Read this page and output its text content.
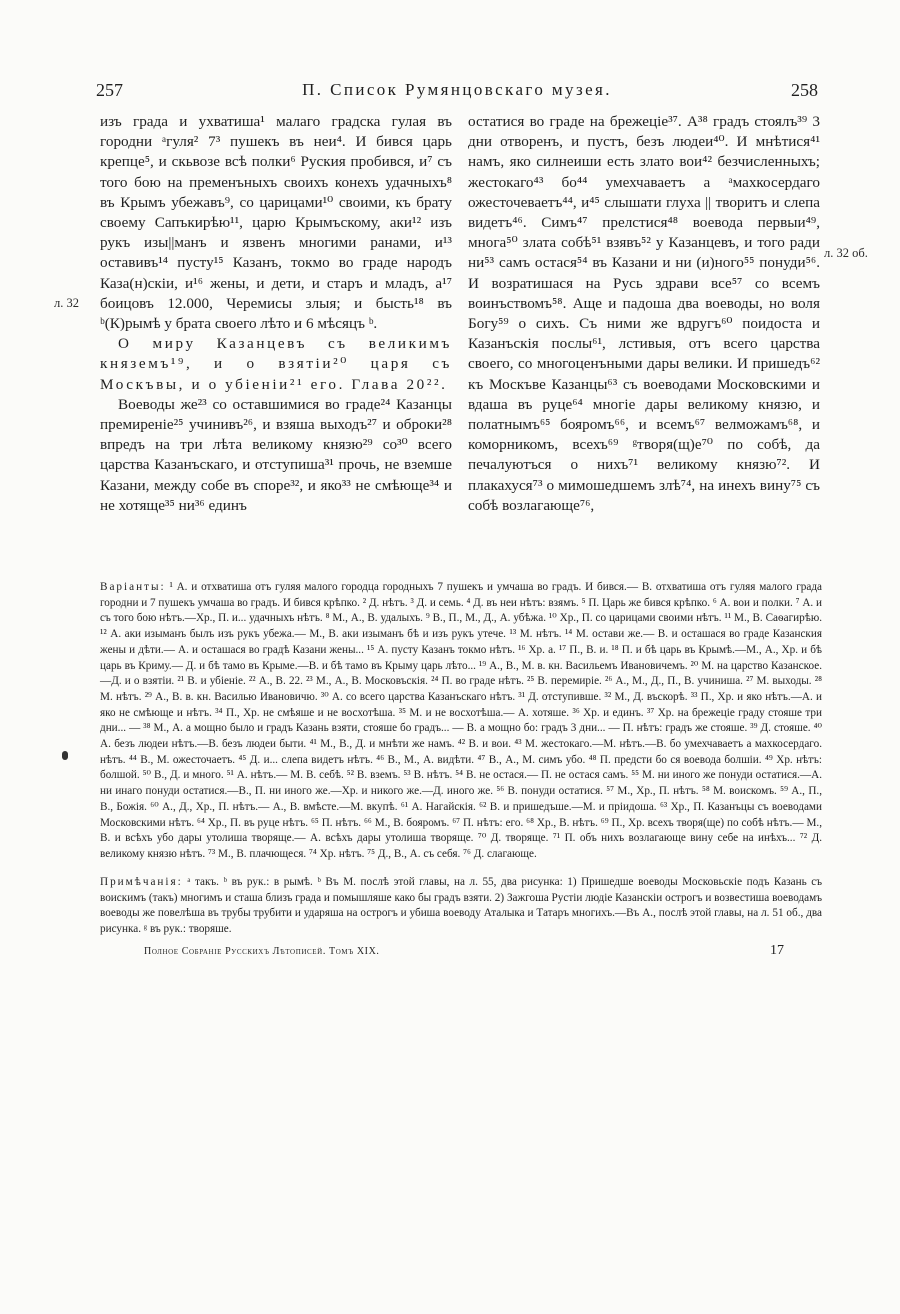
257	П. Список Румянцовскаго музея.	258
л. 32
л. 32 об.

изъ града и ухватиша¹ малаго градска гулая въ городни ᵃгуля² 7³ пушекъ въ неи⁴. И бився царь крепце⁵, и скьвозе всѣ полки⁶ Руския пробився, и⁷ съ того бою на пременъныхъ своихъ конехъ удачныхъ⁸ въ Крымъ убежавъ⁹, со царицами¹⁰ своими, къ брату своему Сапъкирѣю¹¹, царю Крымъскому, аки¹² изъ рукъ изы||манъ и язвенъ многими ранами, и¹³ оставивъ¹⁴ пусту¹⁵ Казанъ, токмо во граде народъ Каза(н)скіи, и¹⁶ жены, и дети, и старъ и младъ, а¹⁷ боицовъ 12.000, Черемисы злыя; и бысть¹⁸ въ ᵇ(К)рымѣ у брата своего лѣто и 6 мѣсяцъ ᵇ.

О миру Казанцевъ съ великимъ княземъ¹⁹, и о взятіи²⁰ царя съ Москъвы, и о убіеніи²¹ его. Глава 20²².

Воеводы же²³ со оставшимися во граде²⁴ Казанцы премиреніе²⁵ учинивъ²⁶, и взяша выходъ²⁷ и оброки²⁸ впредъ на три лѣта великому князю²⁹ со³⁰ всего царства Казанъскаго, и отступиша³¹ прочь, не вземше Казани, между собе въ споре³², и яко³³ не смѣюще³⁴ и не хотяще³⁵ ни³⁶ единъ

остатися во граде на брежеціе³⁷. А³⁸ градъ стоялъ³⁹ 3 дни отворенъ, и пустъ, безъ людеи⁴⁰. И мнѣтися⁴¹ намъ, яко силнеиши есть злато вои⁴² безчисленныхъ; жестокаго⁴³ бо⁴⁴ умехчаваетъ а ᵃмахкосердаго ожесточеваетъ⁴⁴, и⁴⁵ слышати глуха || творитъ и слепа видетъ⁴⁶. Симъ⁴⁷ прелстися⁴⁸ воевода первыи⁴⁹, многа⁵⁰ злата собѣ⁵¹ взявъ⁵² у Казанцевъ, и того ради ни⁵³ самъ остася⁵⁴ въ Казани и ни (и)ного⁵⁵ понуди⁵⁶. И возратишася на Русь здрави все⁵⁷ со всемъ воинъствомъ⁵⁸. Аще и падоша два воеводы, но воля Богу⁵⁹ о сихъ. Съ ними же вдругъ⁶⁰ поидоста и Казанъскія послы⁶¹, лстивыя, отъ всего царства своего, со многоценъными дары велики. И пришедъ⁶² къ Москъве Казанцы⁶³ съ воеводами Московскими и вдаша въ руце⁶⁴ многіе дары великому князю, и полатнымъ⁶⁵ бояромъ⁶⁶, и всемъ⁶⁷ велможамъ⁶⁸, и коморникомъ, всехъ⁶⁹ ᵍтворя(щ)е⁷⁰ по собѣ, да печалуютъся о нихъ⁷¹ великому князю⁷². И плакахуся⁷³ о мимошедшемъ злѣ⁷⁴, на инехъ вину⁷⁵ съ собѣ возлагающе⁷⁶,

Варіанты: ¹ А. и отхватиша отъ гуляя малого городца городныхъ 7 пушекъ и умчаша во градъ. И бився.— В. отхватиша отъ гуляя малого града городни и 7 пушекъ умчаша во градъ. И бився крѣпко. ² Д. нѣтъ. ³ Д. и семь. ⁴ Д. въ неи нѣтъ: взямъ. ⁵ П. Царь же бився крѣпко. ⁶ А. вои и полки. ⁷ А. и съ того бою нѣтъ.—Хр., П. и... удачныхъ нѣтъ. ⁸ М., А., В. удалыхъ. ⁹ В., П., М., Д., А. убѣжа. ¹⁰ Хр., П. со царицами своими нѣтъ. ¹¹ М., В. Саѳагирѣю. ¹² А. аки изыманъ былъ изъ рукъ убежа.— М., В. аки изыманъ бѣ и изъ рукъ утече. ¹³ М. нѣтъ. ¹⁴ М. остави же.— В. и осташася во граде Казанския жены и дѣти.— А. и осташася во градѣ Казани жены... ¹⁵ А. пусту Казанъ токмо нѣтъ. ¹⁶ Хр. а. ¹⁷ П., В. и. ¹⁸ П. и бѣ царь въ Крымѣ.—М., А., Хр. и бѣ царь въ Криму.— Д. и бѣ тамо въ Крыме.—В. и бѣ тамо въ Крыму царь лѣто... ¹⁹ А., В., М. в. кн. Васильемъ Ивановичемъ. ²⁰ М. на царство Казанское.—Д. и о взятіи. ²¹ В. и убіеніе. ²² А., В. 22. ²³ М., А., В. Московъскія. ²⁴ П. во граде нѣтъ. ²⁵ В. перемиріе. ²⁶ А., М., Д., П., В. учиниша. ²⁷ М. выходы. ²⁸ М. нѣтъ. ²⁹ А., В. в. кн. Василью Ивановичю. ³⁰ А. со всего царства Казанъскаго нѣтъ. ³¹ Д. отступивше. ³² М., Д. въскорѣ. ³³ П., Хр. и яко нѣтъ.—А. и яко не смѣюще и нѣтъ. ³⁴ П., Хр. не смѣяше и не восхотѣша. ³⁵ М. и не восхотѣша.— А. хотяше. ³⁶ Хр. и единъ. ³⁷ Хр. на брежеціе граду стояше три дни... — ³⁸ М., А. а мощно было и градъ Казань взяти, стояше бо градъ... — В. а мощно бо: градъ 3 дни... — П. нѣтъ: градъ же стояше. ³⁹ Д. стояше. ⁴⁰ А. безъ людеи нѣтъ.—В. безъ людеи быти. ⁴¹ М., В., Д. и мнѣти же намъ. ⁴² В. и вои. ⁴³ М. жестокаго.—М. нѣтъ.—В. бо умехчаваетъ а махкосердаго. нѣтъ. ⁴⁴ В., М. ожесточаетъ. ⁴⁵ Д. и... слепа видетъ нѣтъ. ⁴⁶ В., М., А. видѣти. ⁴⁷ В., А., М. симъ убо. ⁴⁸ П. предсти бо ся воевода болшіи. ⁴⁹ Хр. нѣтъ: болшой. ⁵⁰ В., Д. и много. ⁵¹ А. нѣтъ.— М. В. себѣ. ⁵² В. вземъ. ⁵³ В. нѣтъ. ⁵⁴ В. не остася.— П. не остася самъ. ⁵⁵ М. ни иного же понуди остатися.—А. ни инаго понуди остатися.—В., П. ни иного же.—Хр. и никого же.—Д. иного же. ⁵⁶ В. понуди остатися. ⁵⁷ М., Хр., П. нѣтъ. ⁵⁸ М. воискомъ. ⁵⁹ А., П., В., Божія. ⁶⁰ А., Д., Хр., П. нѣтъ.— А., В. вмѣсте.—М. вкупѣ. ⁶¹ А. Нагайскія. ⁶² В. и пришедъше.—М. и пріидоша. ⁶³ Хр., П. Казанъцы съ воеводами Московскими нѣтъ. ⁶⁴ Хр., П. въ руце нѣтъ. ⁶⁵ П. нѣтъ. ⁶⁶ М., В. бояромъ. ⁶⁷ П. нѣтъ: его. ⁶⁸ Хр., В. нѣтъ. ⁶⁹ П., Хр. всехъ творя(ще) по собѣ нѣтъ.— М., В. и всѣхъ убо дары утолиша творяще.— А. всѣхъ дары утолиша творяще. ⁷⁰ Д. творяще. ⁷¹ П. объ нихъ возлагающе вину себе на инѣхъ... ⁷² Д. великому князю нѣтъ. ⁷³ М., В. плачющеся. ⁷⁴ Хр. нѣтъ. ⁷⁵ Д., В., А. съ себя. ⁷⁶ Д. слагающе.

Полное Собраніе Русскихъ Лѣтописей. Томъ XIX.	17

Примѣчанія: ᵃ такъ. ᵇ въ рук.: в рымѣ. ᵇ Въ М. послѣ этой главы, на л. 55, два рисунка: 1) Пришедше воеводы Московьскіе подъ Казань съ воискимъ (такъ) многимъ и сташа близъ града и помышляше како бы градъ взяти. 2) Зажгоша Рустіи людіе Казанскіи острогъ и возвестиша воеводамъ воеводы же повелѣша въ трубы трубити и ударяша на острогъ и убиша воеводу Аталыка и Татаръ многихъ.—Въ А., послѣ этой главы, на л. 51 об., два рисунка. ᵍ въ рук.: творяше.
